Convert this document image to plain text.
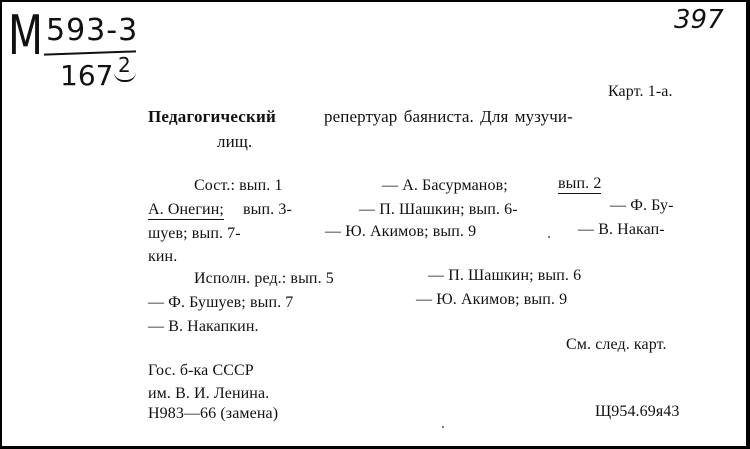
М 593-3
167 2
397
Карт. 1-а.
Педагогический	репертуар баяниста. Для музучи-
лищ.
Сост.: вып. 1	— А. Басурманов;	вып. 2
А. Онегин; вып. 3-	— П. Шашкин; вып. 6-	— Ф. Бу-
шуев; вып. 7-	— Ю. Акимов; вып. 9	— В. Накап-
кин.
Исполн. ред.: вып. 5	— П. Шашкин; вып. 6
— Ф. Бушуев; вып. 7	— Ю. Акимов; вып. 9
— В. Накапкин.
См. след. карт.
Гос. б-ка СССР
им. В. И. Ленина.
Н983—66 (замена)	Щ954.69я43
